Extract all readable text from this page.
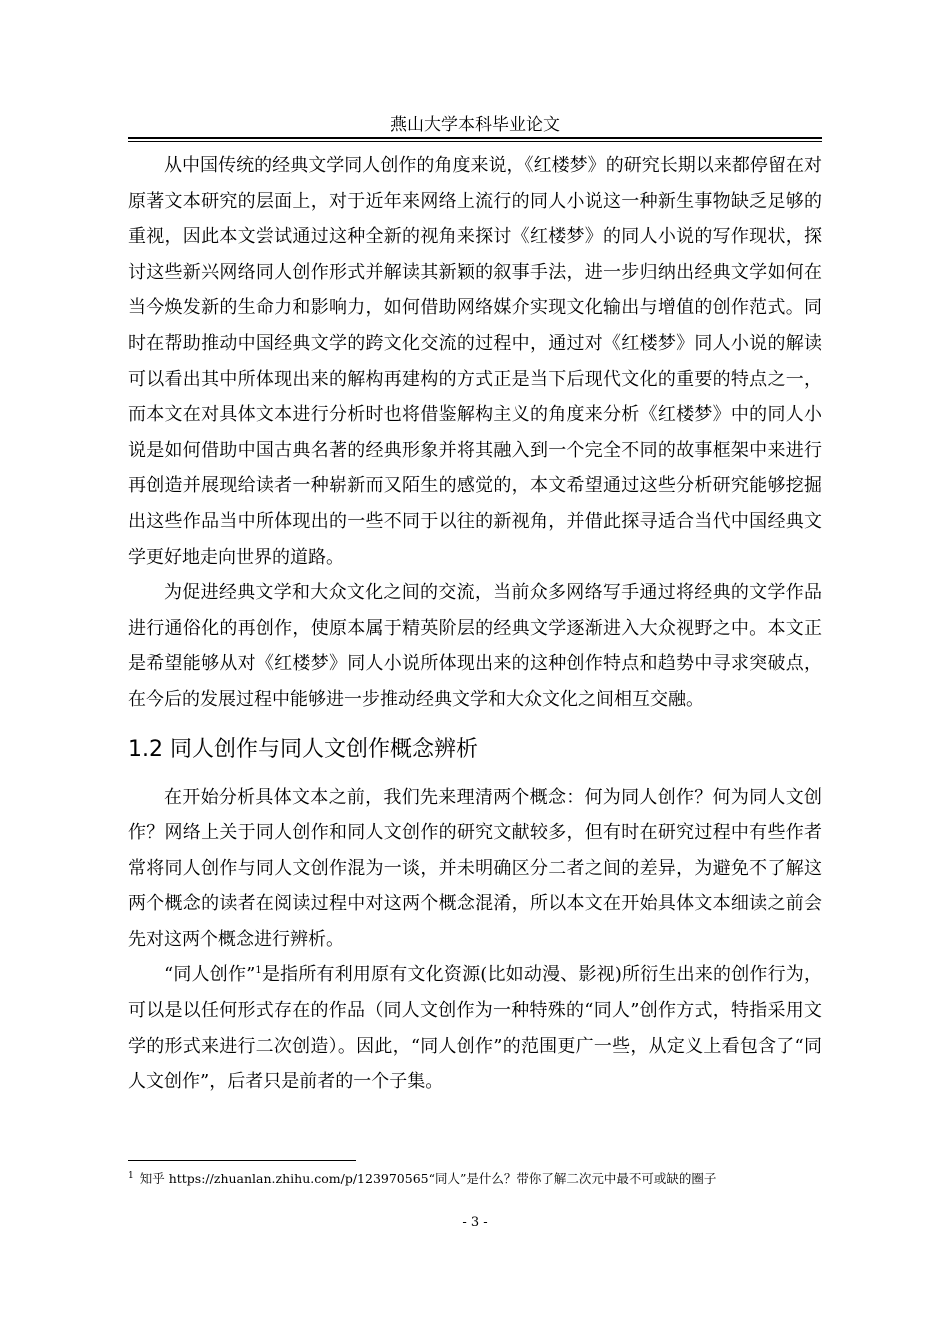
燕山大学本科毕业论文

从中国传统的经典文学同人创作的角度来说，《红楼梦》的研究长期以来都停留在对原著文本研究的层面上，对于近年来网络上流行的同人小说这一种新生事物缺乏足够的重视，因此本文尝试通过这种全新的视角来探讨《红楼梦》的同人小说的写作现状，探讨这些新兴网络同人创作形式并解读其新颖的叙事手法，进一步归纳出经典文学如何在当今焕发新的生命力和影响力，如何借助网络媒介实现文化输出与增值的创作范式。同时在帮助推动中国经典文学的跨文化交流的过程中，通过对《红楼梦》同人小说的解读可以看出其中所体现出来的解构再建构的方式正是当下后现代文化的重要的特点之一，而本文在对具体文本进行分析时也将借鉴解构主义的角度来分析《红楼梦》中的同人小说是如何借助中国古典名著的经典形象并将其融入到一个完全不同的故事框架中来进行再创造并展现给读者一种崭新而又陌生的感觉的，本文希望通过这些分析研究能够挖掘出这些作品当中所体现出的一些不同于以往的新视角，并借此探寻适合当代中国经典文学更好地走向世界的道路。

为促进经典文学和大众文化之间的交流，当前众多网络写手通过将经典的文学作品进行通俗化的再创作，使原本属于精英阶层的经典文学逐渐进入大众视野之中。本文正是希望能够从对《红楼梦》同人小说所体现出来的这种创作特点和趋势中寻求突破点，在今后的发展过程中能够进一步推动经典文学和大众文化之间相互交融。

1.2 同人创作与同人文创作概念辨析

在开始分析具体文本之前，我们先来理清两个概念：何为同人创作？何为同人文创作？网络上关于同人创作和同人文创作的研究文献较多，但有时在研究过程中有些作者常将同人创作与同人文创作混为一谈，并未明确区分二者之间的差异，为避免不了解这两个概念的读者在阅读过程中对这两个概念混淆，所以本文在开始具体文本细读之前会先对这两个概念进行辨析。

“同人创作”$^1$是指所有利用原有文化资源(比如动漫、影视)所衍生出来的创作行为，可以是以任何形式存在的作品（同人文创作为一种特殊的“同人”创作方式，特指采用文学的形式来进行二次创造）。因此，“同人创作”的范围更广一些，从定义上看包含了“同人文创作”，后者只是前者的一个子集。

$^1$ 知乎 https://zhuanlan.zhihu.com/p/123970565“同人”是什么？带你了解二次元中最不可或缺的圈子
- 3 -
